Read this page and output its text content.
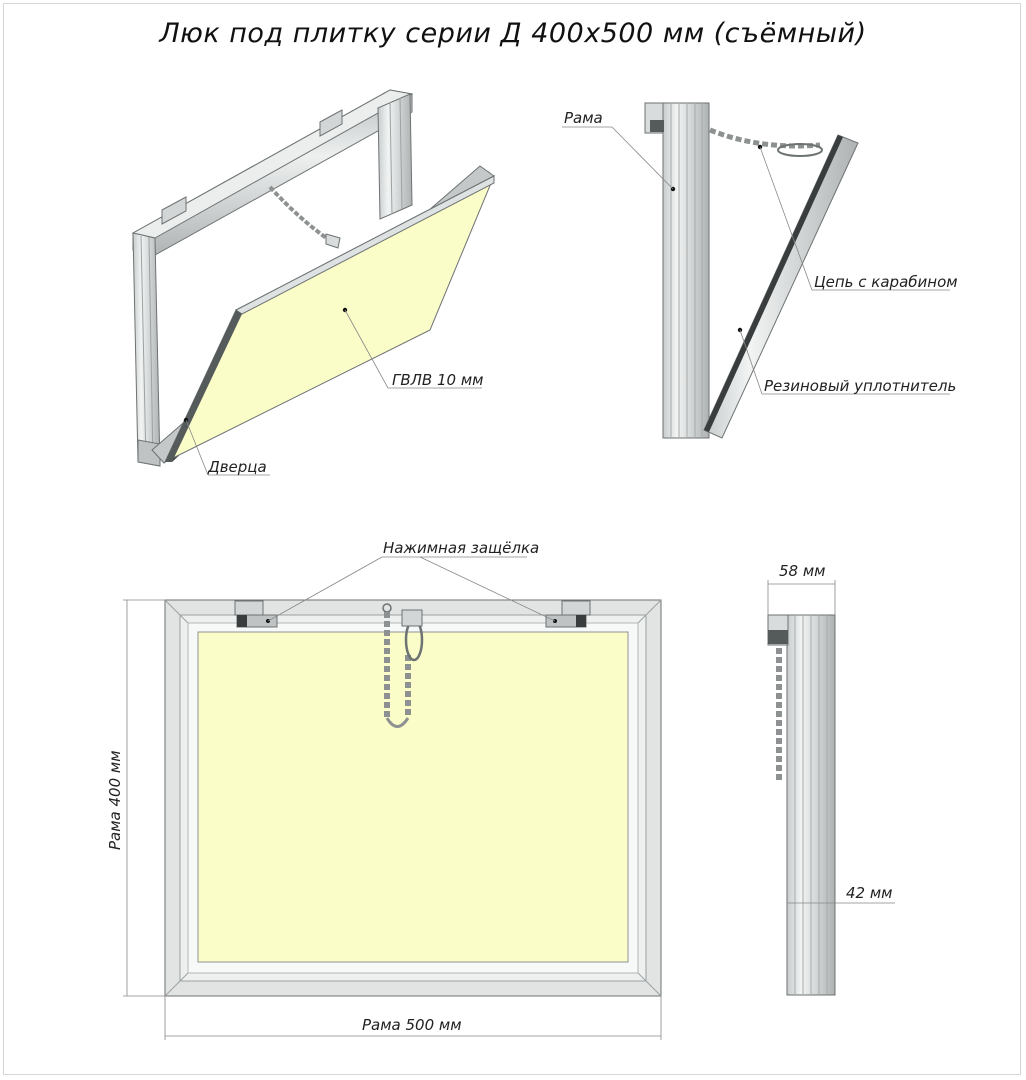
Люк под плитку серии Д 400х500 мм (съёмный)
ГВЛВ 10 мм
Дверца
Рама
Цепь с карабином
Резиновый уплотнитель
Нажимная защёлка
Рама 500 мм
Рама 400 мм
58 мм
42 мм
